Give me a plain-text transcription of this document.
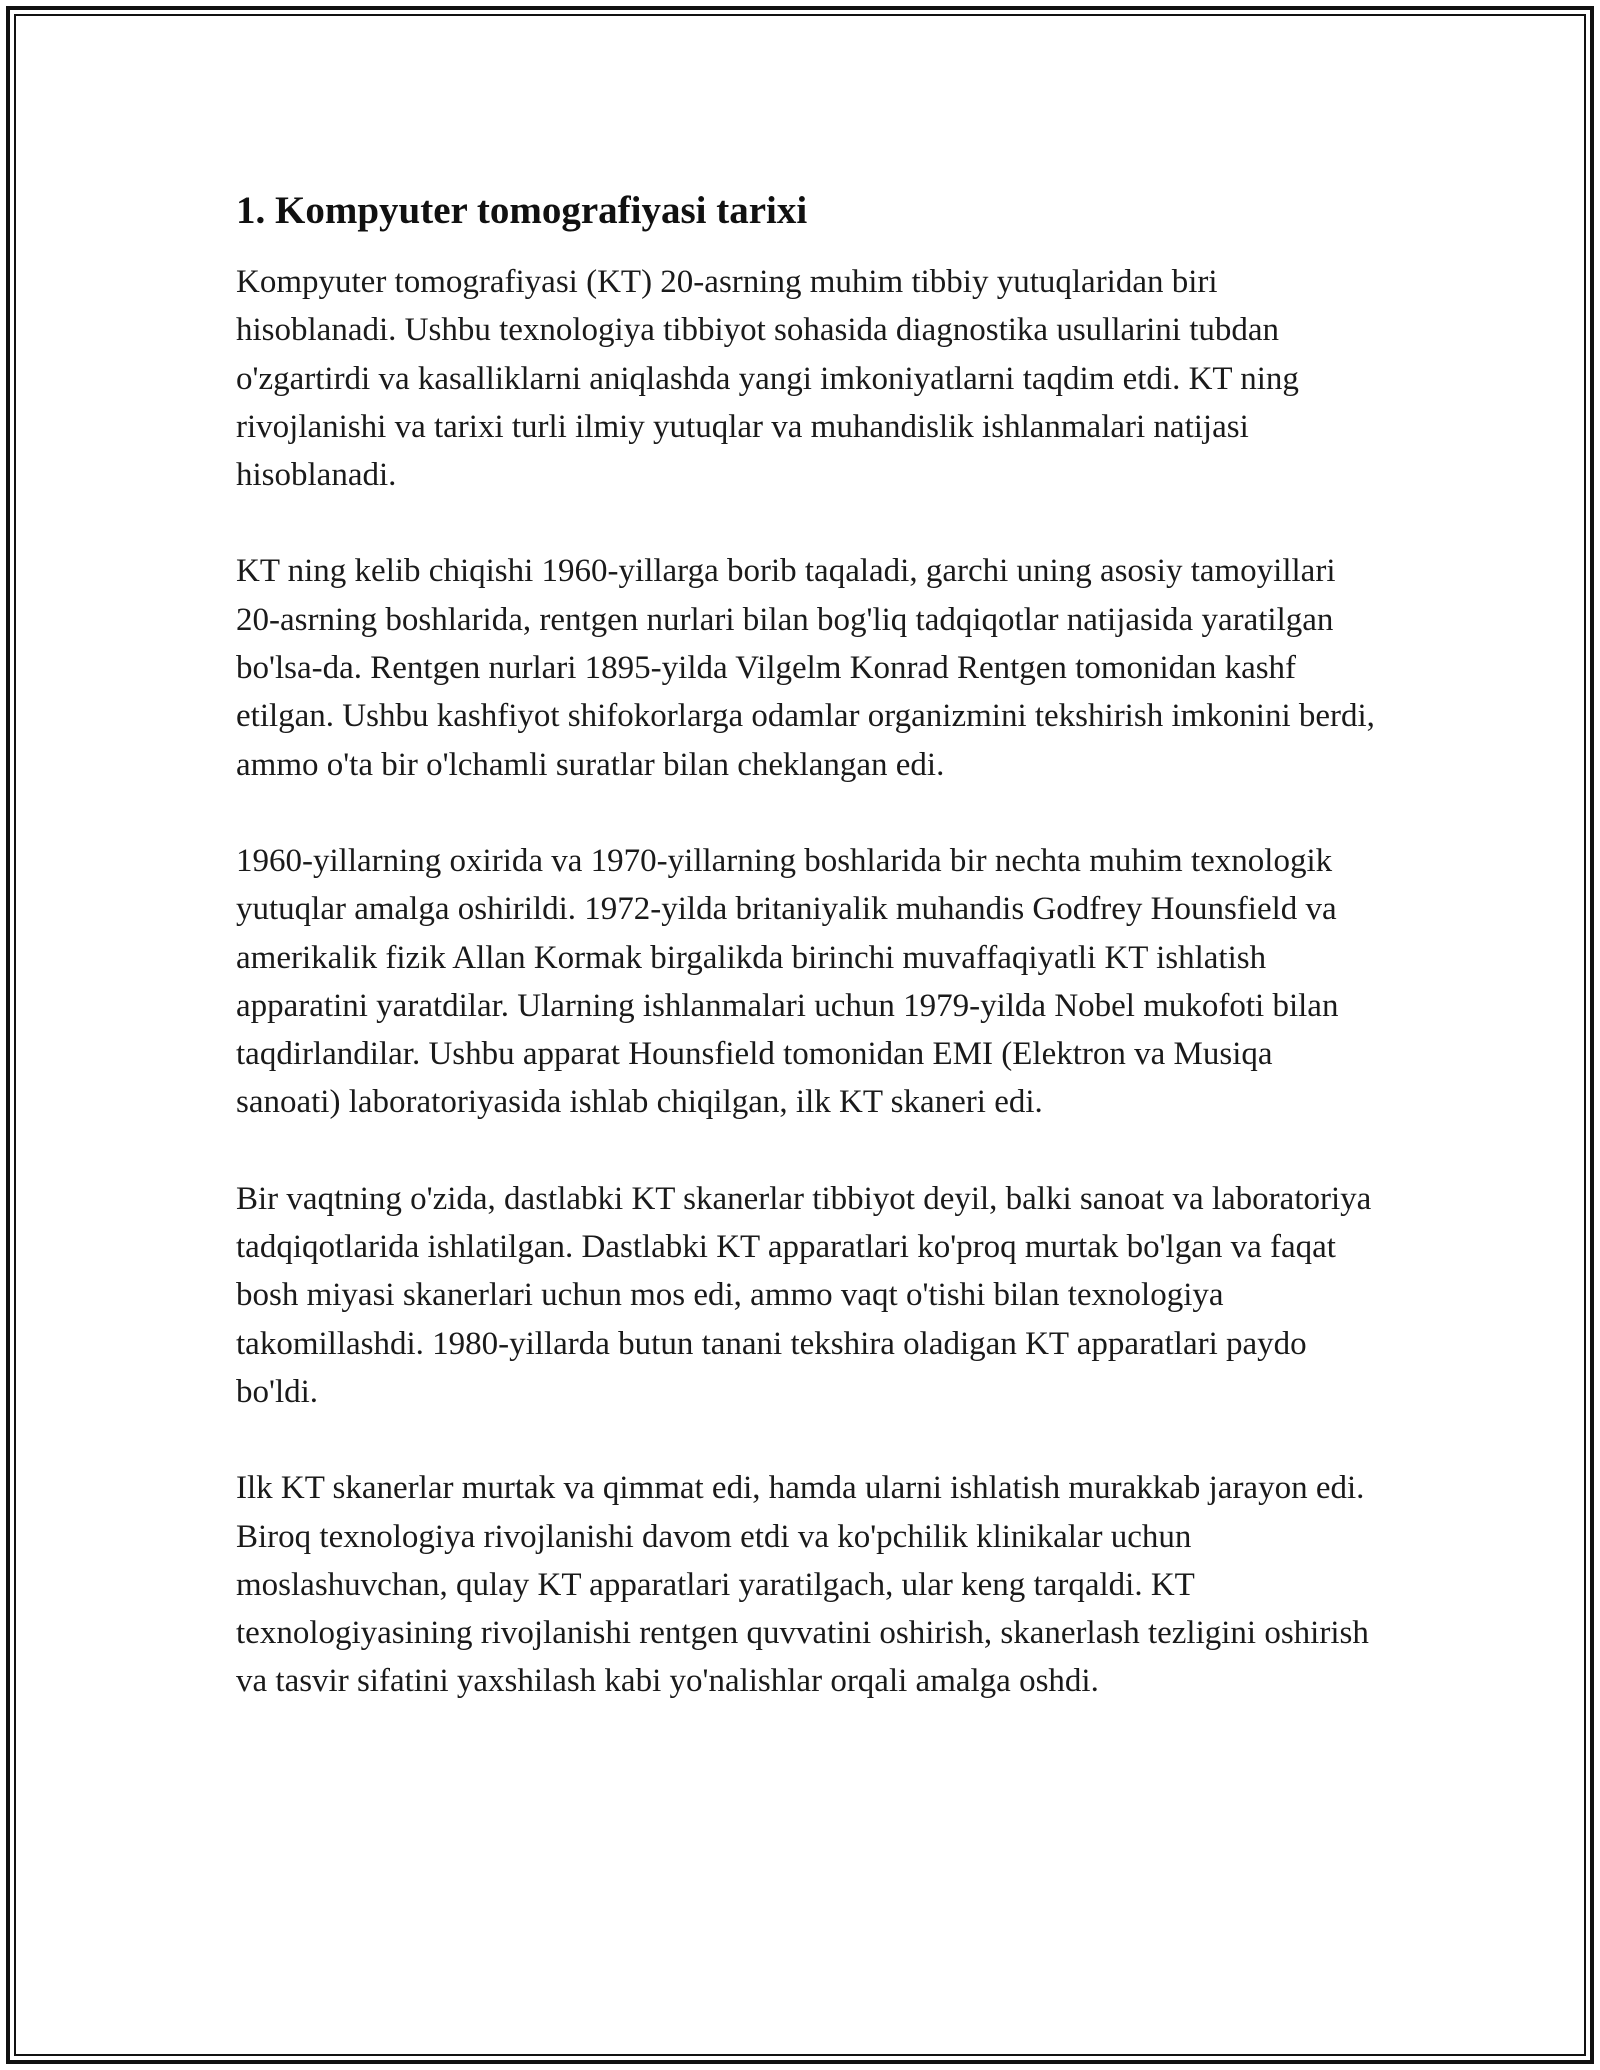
1. Kompyuter tomografiyasi tarixi

Kompyuter tomografiyasi (KT) 20-asrning muhim tibbiy yutuqlaridan biri hisoblanadi. Ushbu texnologiya tibbiyot sohasida diagnostika usullarini tubdan o'zgartirdi va kasalliklarni aniqlashda yangi imkoniyatlarni taqdim etdi. KT ning rivojlanishi va tarixi turli ilmiy yutuqlar va muhandislik ishlanmalari natijasi hisoblanadi.

KT ning kelib chiqishi 1960-yillarga borib taqaladi, garchi uning asosiy tamoyillari 20-asrning boshlarida, rentgen nurlari bilan bog'liq tadqiqotlar natijasida yaratilgan bo'lsa-da. Rentgen nurlari 1895-yilda Vilgelm Konrad Rentgen tomonidan kashf etilgan. Ushbu kashfiyot shifokorlarga odamlar organizmini tekshirish imkonini berdi, ammo o'ta bir o'lchamli suratlar bilan cheklangan edi.

1960-yillarning oxirida va 1970-yillarning boshlarida bir nechta muhim texnologik yutuqlar amalga oshirildi. 1972-yilda britaniyalik muhandis Godfrey Hounsfield va amerikalik fizik Allan Kormak birgalikda birinchi muvaffaqiyatli KT ishlatish apparatini yaratdilar. Ularning ishlanmalari uchun 1979-yilda Nobel mukofoti bilan taqdirlandilar. Ushbu apparat Hounsfield tomonidan EMI (Elektron va Musiqa sanoati) laboratoriyasida ishlab chiqilgan, ilk KT skaneri edi.

Bir vaqtning o'zida, dastlabki KT skanerlar tibbiyot deyil, balki sanoat va laboratoriya tadqiqotlarida ishlatilgan. Dastlabki KT apparatlari ko'proq murtak bo'lgan va faqat bosh miyasi skanerlari uchun mos edi, ammo vaqt o'tishi bilan texnologiya takomillashdi. 1980-yillarda butun tanani tekshira oladigan KT apparatlari paydo bo'ldi.

Ilk KT skanerlar murtak va qimmat edi, hamda ularni ishlatish murakkab jarayon edi. Biroq texnologiya rivojlanishi davom etdi va ko'pchilik klinikalar uchun moslashuvchan, qulay KT apparatlari yaratilgach, ular keng tarqaldi. KT texnologiyasining rivojlanishi rentgen quvvatini oshirish, skanerlash tezligini oshirish va tasvir sifatini yaxshilash kabi yo'nalishlar orqali amalga oshdi.
